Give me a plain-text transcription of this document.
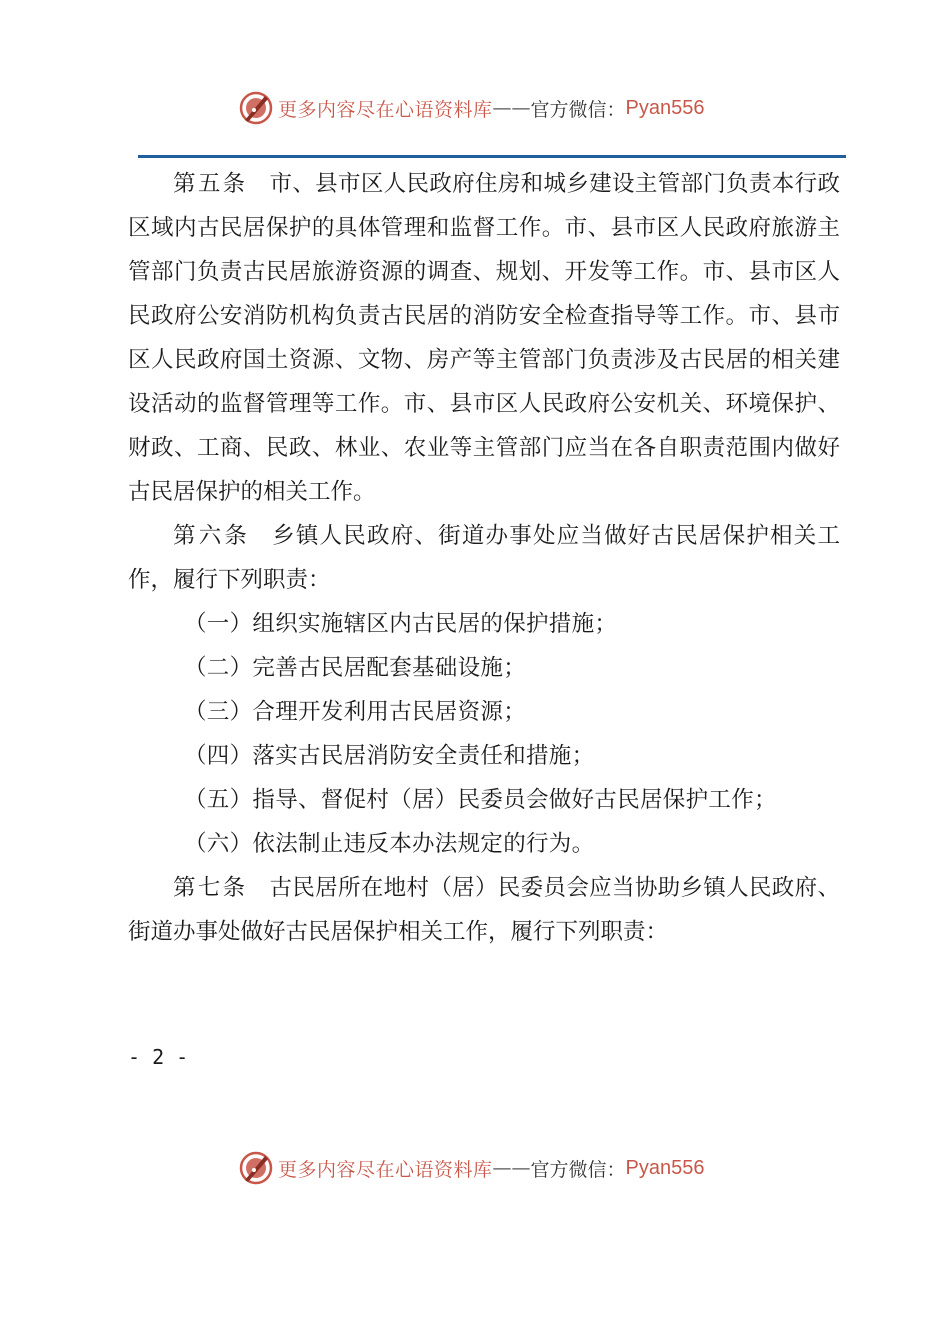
更多内容尽在心语资料库 —— 官方微信： Pyan556

第五条 市、县市区人民政府住房和城乡建设主管部门负责本行政区域内古民居保护的具体管理和监督工作。市、县市区人民政府旅游主管部门负责古民居旅游资源的调查、规划、开发等工作。市、县市区人民政府公安消防机构负责古民居的消防安全检查指导等工作。市、县市区人民政府国土资源、文物、房产等主管部门负责涉及古民居的相关建设活动的监督管理等工作。市、县市区人民政府公安机关、环境保护、财政、工商、民政、林业、农业等主管部门应当在各自职责范围内做好古民居保护的相关工作。

第六条 乡镇人民政府、街道办事处应当做好古民居保护相关工作，履行下列职责：

（一）组织实施辖区内古民居的保护措施；

（二）完善古民居配套基础设施；

（三）合理开发利用古民居资源；

（四）落实古民居消防安全责任和措施；

（五）指导、督促村（居）民委员会做好古民居保护工作；

（六）依法制止违反本办法规定的行为。

第七条 古民居所在地村（居）民委员会应当协助乡镇人民政府、街道办事处做好古民居保护相关工作，履行下列职责：

- 2 -
更多内容尽在心语资料库 —— 官方微信： Pyan556
